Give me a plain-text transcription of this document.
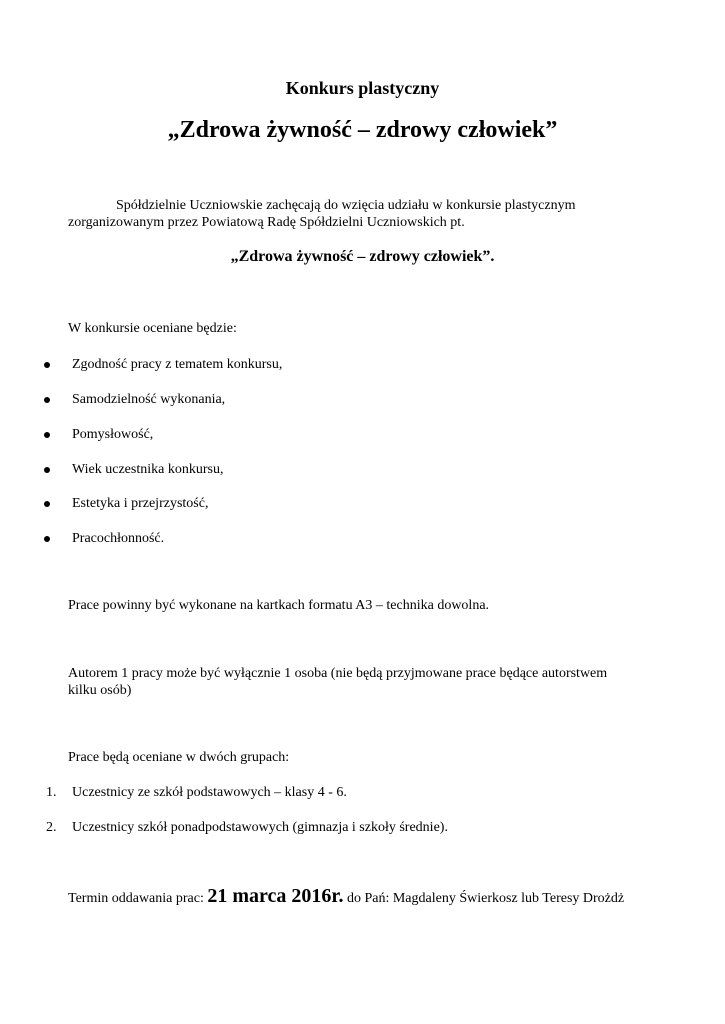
Konkurs plastyczny
„Zdrowa żywność – zdrowy człowiek”
Spółdzielnie Uczniowskie zachęcają do wzięcia udziału w konkursie plastycznym
zorganizowanym przez Powiatową Radę Spółdzielni Uczniowskich pt.
„Zdrowa żywność – zdrowy człowiek”.
W konkursie oceniane będzie:
Zgodność pracy z tematem konkursu,
Samodzielność wykonania,
Pomysłowość,
Wiek uczestnika konkursu,
Estetyka i przejrzystość,
Pracochłonność.
Prace powinny być wykonane na kartkach formatu A3 – technika dowolna.
Autorem 1 pracy może być wyłącznie 1 osoba (nie będą przyjmowane prace będące autorstwem
kilku osób)
Prace będą oceniane w dwóch grupach:
1. Uczestnicy ze szkół podstawowych – klasy 4 - 6.
2. Uczestnicy szkół ponadpodstawowych (gimnazja i szkoły średnie).
Termin oddawania prac: 21 marca 2016r. do Pań: Magdaleny Świerkosz lub Teresy Drożdż
